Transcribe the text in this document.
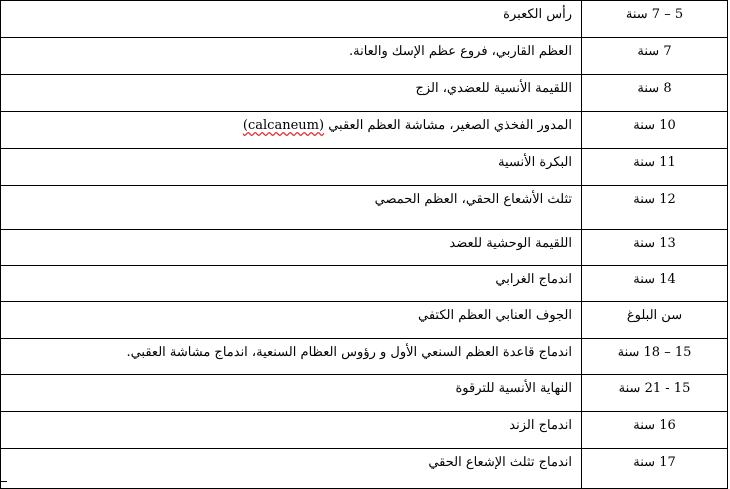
5 – 7 سنة	رأس الكعبرة
7 سنة	العظم القاربي، فروع عظم الإسك والعانة.
8 سنة	اللقيمة الأنسية للعضدي، الزج
10 سنة	المدور الفخذي الصغير، مشاشة العظم العقبي (calcaneum)
11 سنة	البكرة الأنسية
12 سنة	تثلث الأشعاع الحقي، العظم الحمصي
13 سنة	اللقيمة الوحشية للعضد
14 سنة	اندماج الغرابي
سن البلوغ	الجوف العنابي العظم الكتفي
15 – 18 سنة	اندماج قاعدة العظم السنعي الأول و رؤوس العظام السنعية، اندماج مشاشة العقبي.
15 - 21 سنة	النهاية الأنسية للترقوة
16 سنة	اندماج الزند
17 سنة	اندماج تثلث الإشعاع الحقي
